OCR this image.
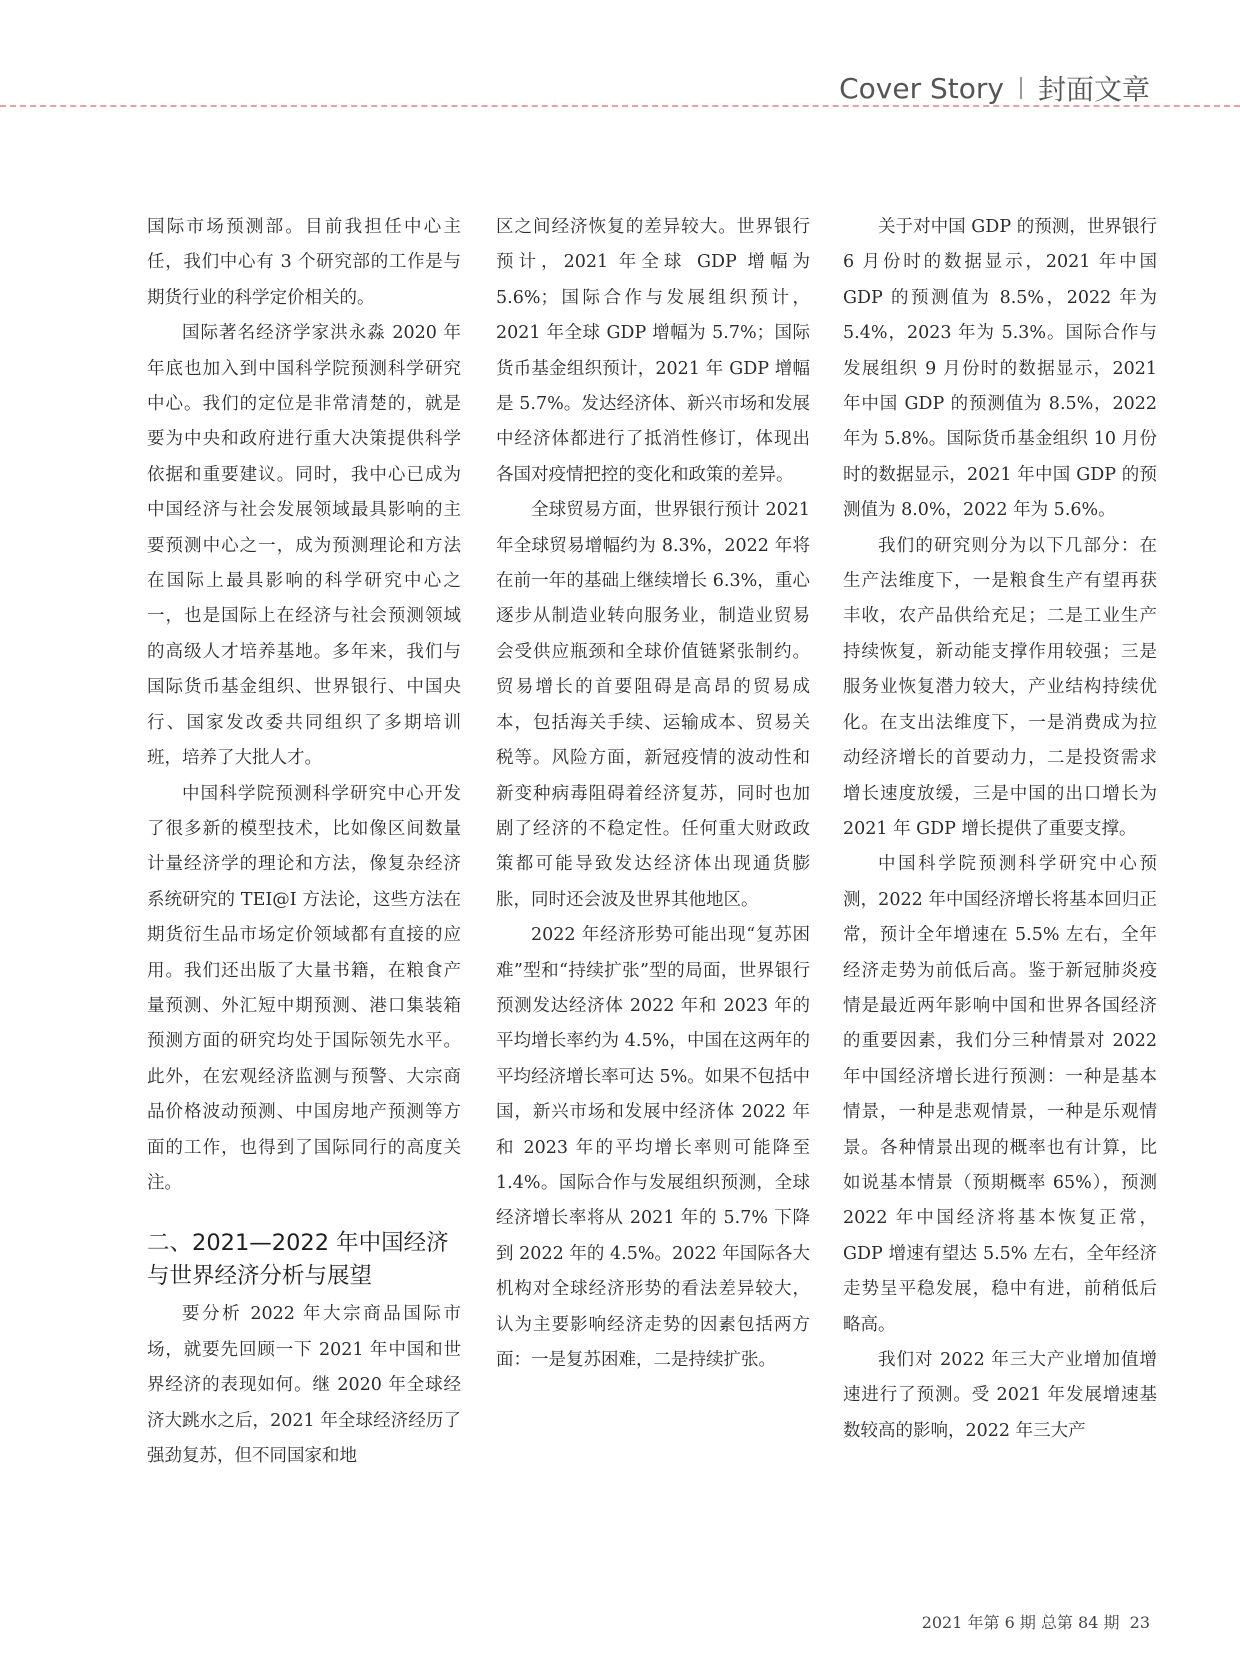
Cover Story 封面文章

国际市场预测部。目前我担任中心主任，我们中心有 3 个研究部的工作是与期货行业的科学定价相关的。

国际著名经济学家洪永淼 2020 年年底也加入到中国科学院预测科学研究中心。我们的定位是非常清楚的，就是要为中央和政府进行重大决策提供科学依据和重要建议。同时，我中心已成为中国经济与社会发展领域最具影响的主要预测中心之一，成为预测理论和方法在国际上最具影响的科学研究中心之一，也是国际上在经济与社会预测领域的高级人才培养基地。多年来，我们与国际货币基金组织、世界银行、中国央行、国家发改委共同组织了多期培训班，培养了大批人才。

中国科学院预测科学研究中心开发了很多新的模型技术，比如像区间数量计量经济学的理论和方法，像复杂经济系统研究的 TEI@I 方法论，这些方法在期货衍生品市场定价领域都有直接的应用。我们还出版了大量书籍，在粮食产量预测、外汇短中期预测、港口集装箱预测方面的研究均处于国际领先水平。此外，在宏观经济监测与预警、大宗商品价格波动预测、中国房地产预测等方面的工作，也得到了国际同行的高度关注。

二、2021—2022 年中国经济与世界经济分析与展望

要分析 2022 年大宗商品国际市场，就要先回顾一下 2021 年中国和世界经济的表现如何。继 2020 年全球经济大跳水之后，2021 年全球经济经历了强劲复苏，但不同国家和地

区之间经济恢复的差异较大。世界银行预计，2021 年全球 GDP 增幅为 5.6%；国际合作与发展组织预计，2021 年全球 GDP 增幅为 5.7%；国际货币基金组织预计，2021 年 GDP 增幅是 5.7%。发达经济体、新兴市场和发展中经济体都进行了抵消性修订，体现出各国对疫情把控的变化和政策的差异。

全球贸易方面，世界银行预计 2021 年全球贸易增幅约为 8.3%，2022 年将在前一年的基础上继续增长 6.3%，重心逐步从制造业转向服务业，制造业贸易会受供应瓶颈和全球价值链紧张制约。贸易增长的首要阻碍是高昂的贸易成本，包括海关手续、运输成本、贸易关税等。风险方面，新冠疫情的波动性和新变种病毒阻碍着经济复苏，同时也加剧了经济的不稳定性。任何重大财政政策都可能导致发达经济体出现通货膨胀，同时还会波及世界其他地区。

2022 年经济形势可能出现“复苏困难”型和“持续扩张”型的局面，世界银行预测发达经济体 2022 年和 2023 年的平均增长率约为 4.5%，中国在这两年的平均经济增长率可达 5%。如果不包括中国，新兴市场和发展中经济体 2022 年和 2023 年的平均增长率则可能降至 1.4%。国际合作与发展组织预测，全球经济增长率将从 2021 年的 5.7% 下降到 2022 年的 4.5%。2022 年国际各大机构对全球经济形势的看法差异较大，认为主要影响经济走势的因素包括两方面：一是复苏困难，二是持续扩张。

关于对中国 GDP 的预测，世界银行 6 月份时的数据显示，2021 年中国 GDP 的预测值为 8.5%，2022 年为 5.4%，2023 年为 5.3%。国际合作与发展组织 9 月份时的数据显示，2021 年中国 GDP 的预测值为 8.5%，2022 年为 5.8%。国际货币基金组织 10 月份时的数据显示，2021 年中国 GDP 的预测值为 8.0%，2022 年为 5.6%。

我们的研究则分为以下几部分：在生产法维度下，一是粮食生产有望再获丰收，农产品供给充足；二是工业生产持续恢复，新动能支撑作用较强；三是服务业恢复潜力较大，产业结构持续优化。在支出法维度下，一是消费成为拉动经济增长的首要动力，二是投资需求增长速度放缓，三是中国的出口增长为 2021 年 GDP 增长提供了重要支撑。

中国科学院预测科学研究中心预测，2022 年中国经济增长将基本回归正常，预计全年增速在 5.5% 左右，全年经济走势为前低后高。鉴于新冠肺炎疫情是最近两年影响中国和世界各国经济的重要因素，我们分三种情景对 2022 年中国经济增长进行预测：一种是基本情景，一种是悲观情景，一种是乐观情景。各种情景出现的概率也有计算，比如说基本情景（预期概率 65%），预测 2022 年中国经济将基本恢复正常，GDP 增速有望达 5.5% 左右，全年经济走势呈平稳发展，稳中有进，前稍低后略高。

我们对 2022 年三大产业增加值增速进行了预测。受 2021 年发展增速基数较高的影响，2022 年三大产

2021 年第 6 期 总第 84 期 23
